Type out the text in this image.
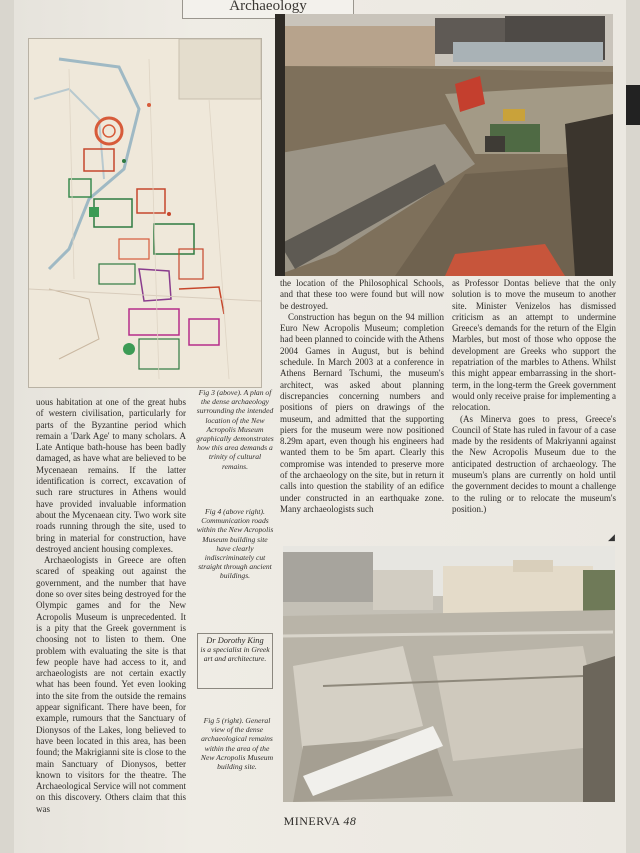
Archaeology

uous habitation at one of the great hubs of western civilisation, particularly for parts of the Byzantine period which remain a 'Dark Age' to many scholars. A Late Antique bath-house has been badly damaged, as have what are believed to be Mycenaean remains. If the latter identification is correct, excavation of such rare structures in Athens would have provided invaluable information about the Mycenaean city. Two work site roads running through the site, used to bring in material for construction, have destroyed ancient housing complexes.

Archaeologists in Greece are often scared of speaking out against the government, and the number that have done so over sites being destroyed for the Olympic games and for the New Acropolis Museum is unprecedented. It is a pity that the Greek government is choosing not to listen to them. One problem with evaluating the site is that few people have had access to it, and archaeologists are not certain exactly what has been found. Yet even looking into the site from the outside the remains appear significant. There have been, for example, rumours that the Sanctuary of Dionysos of the Lakes, long believed to have been located in this area, has been found; the Makrigianni site is close to the main Sanctuary of Dionysos, better known to visitors for the theatre. The Archaeological Service will not comment on this discovery. Others claim that this was

Fig 3 (above). A plan of the dense archaeology surrounding the intended location of the New Acropolis Museum graphically demonstrates how this area demands a trinity of cultural remains.
Fig 4 (above right). Communication roads within the New Acropolis Museum building site have clearly indiscriminately cut straight through ancient buildings.
Dr Dorothy King
is a specialist in Greek art and architecture.
Fig 5 (right). General view of the dense archaeological remains within the area of the New Acropolis Museum building site.

the location of the Philosophical Schools, and that these too were found but will now be destroyed.

Construction has begun on the 94 million Euro New Acropolis Museum; completion had been planned to coincide with the Athens 2004 Games in August, but is behind schedule. In March 2003 at a conference in Athens Bernard Tschumi, the museum's architect, was asked about planning discrepancies concerning numbers and positions of piers on drawings of the museum, and admitted that the supporting piers for the museum were now positioned 8.29m apart, even though his engineers had wanted them to be 5m apart. Clearly this compromise was intended to preserve more of the archaeology on the site, but in return it calls into question the stability of an edifice under constructed in an earthquake zone. Many archaeologists such

as Professor Dontas believe that the only solution is to move the museum to another site. Minister Venizelos has dismissed criticism as an attempt to undermine Greece's demands for the return of the Elgin Marbles, but most of those who oppose the development are Greeks who support the repatriation of the marbles to Athens. Whilst this might appear embarrassing in the short-term, in the long-term the Greek government would only receive praise for implementing a relocation.

(As Minerva goes to press, Greece's Council of State has ruled in favour of a case made by the residents of Makriyanni against the New Acropolis Museum due to the anticipated destruction of archaeology. The museum's plans are currently on hold until the government decides to mount a challenge to the ruling or to relocate the museum's position.)

◢
MINERVA 48
